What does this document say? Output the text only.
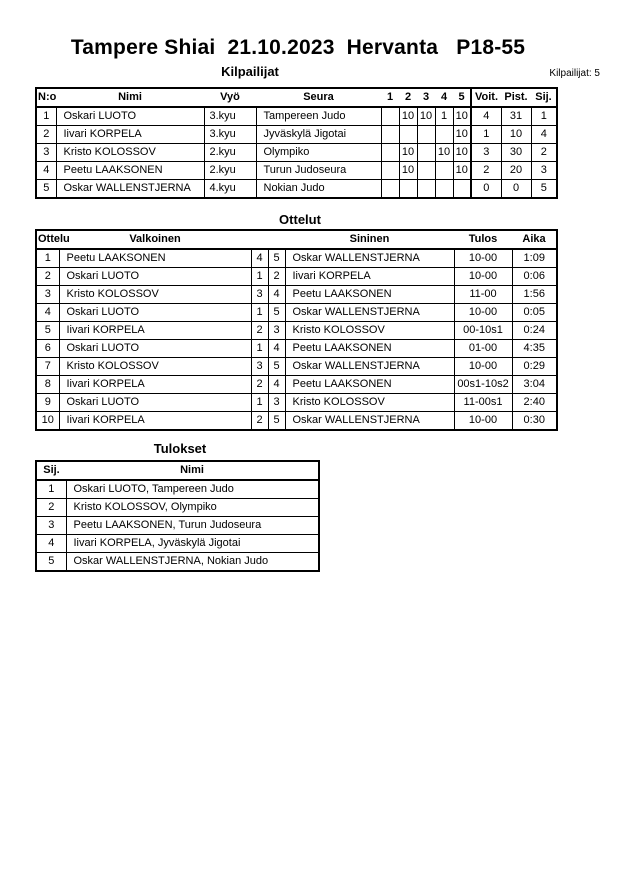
Tampere Shiai  21.10.2023  Hervanta   P18-55
Kilpailijat	Kilpailijat: 5
N:o	Nimi	Vyö	Seura	1	2	3	4	5	Voit.	Pist.	Sij.
1	Oskari LUOTO	3.kyu	Tampereen Judo		10	10	1	10	4	31	1
2	Iivari KORPELA	3.kyu	Jyväskylä Jigotai					10	1	10	4
3	Kristo KOLOSSOV	2.kyu	Olympiko		10		10	10	3	30	2
4	Peetu LAAKSONEN	2.kyu	Turun Judoseura		10			10	2	20	3
5	Oskar WALLENSTJERNA	4.kyu	Nokian Judo						0	0	5
Ottelut
Ottelu	Valkoinen			Sininen	Tulos	Aika
1	Peetu LAAKSONEN	4	5	Oskar WALLENSTJERNA	10-00	1:09
2	Oskari LUOTO	1	2	Iivari KORPELA	10-00	0:06
3	Kristo KOLOSSOV	3	4	Peetu LAAKSONEN	11-00	1:56
4	Oskari LUOTO	1	5	Oskar WALLENSTJERNA	10-00	0:05
5	Iivari KORPELA	2	3	Kristo KOLOSSOV	00-10s1	0:24
6	Oskari LUOTO	1	4	Peetu LAAKSONEN	01-00	4:35
7	Kristo KOLOSSOV	3	5	Oskar WALLENSTJERNA	10-00	0:29
8	Iivari KORPELA	2	4	Peetu LAAKSONEN	00s1-10s2	3:04
9	Oskari LUOTO	1	3	Kristo KOLOSSOV	11-00s1	2:40
10	Iivari KORPELA	2	5	Oskar WALLENSTJERNA	10-00	0:30
Tulokset
Sij.	Nimi
1	Oskari LUOTO, Tampereen Judo
2	Kristo KOLOSSOV, Olympiko
3	Peetu LAAKSONEN, Turun Judoseura
4	Iivari KORPELA, Jyväskylä Jigotai
5	Oskar WALLENSTJERNA, Nokian Judo
